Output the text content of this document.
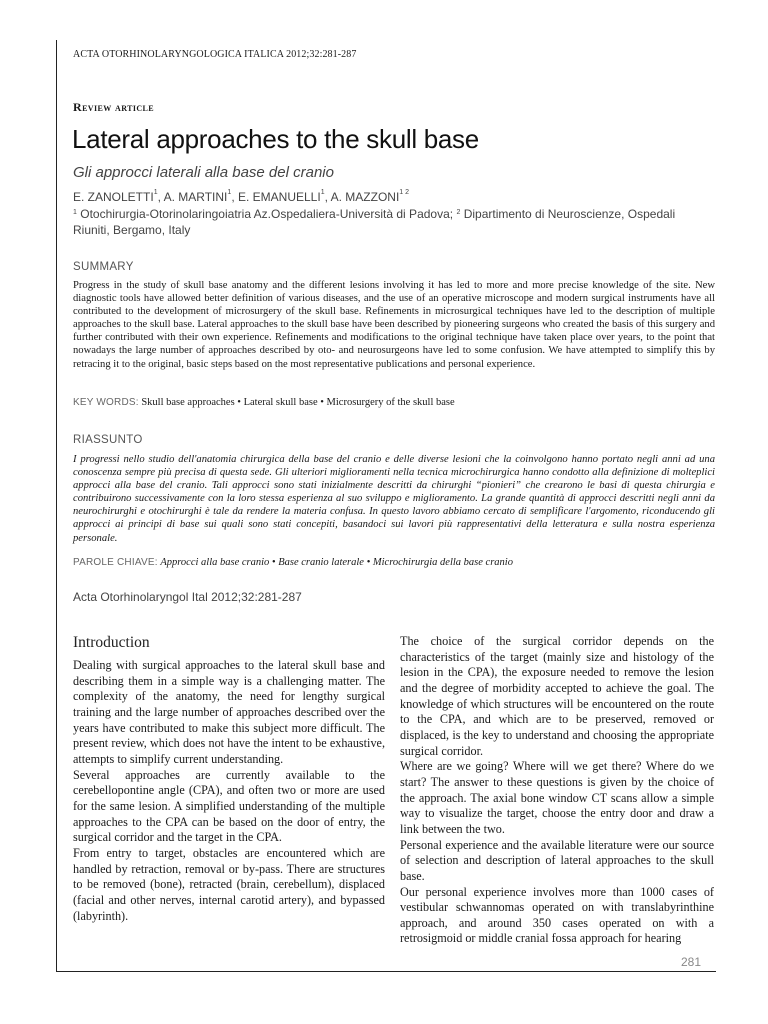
ACTA OTORHINOLARYNGOLOGICA ITALICA 2012;32:281-287
Review article
Lateral approaches to the skull base
Gli approcci laterali alla base del cranio
E. ZANOLETTI$^1$, A. MARTINI$^1$, E. EMANUELLI$^1$, A. $MAZZONI^{1 2}$
$^1$ Otochirurgia-Otorinolaringoiatria Az.Ospedaliera-Università di Padova; $^2$ Dipartimento di Neuroscienze, Ospedali Riuniti, Bergamo, Italy
SUMMARY

Progress in the study of skull base anatomy and the different lesions involving it has led to more and more precise knowledge of the site. New diagnostic tools have allowed better definition of various diseases, and the use of an operative microscope and modern surgical instruments have all contributed to the development of microsurgery of the skull base. Refinements in microsurgical techniques have led to the description of multiple approaches to the skull base. Lateral approaches to the skull base have been described by pioneering surgeons who created the basis of this surgery and further contributed with their own experience. Refinements and modifications to the original technique have taken place over years, to the point that nowadays the large number of approaches described by oto- and neurosurgeons have led to some confusion. We have attempted to simplify this by retracing it to the original, basic steps based on the most representative publications and personal experience.

KEY WORDS: Skull base approaches • Lateral skull base • Microsurgery of the skull base
RIASSUNTO

I progressi nello studio dell'anatomia chirurgica della base del cranio e delle diverse lesioni che la coinvolgono hanno portato negli anni ad una conoscenza sempre più precisa di questa sede. Gli ulteriori miglioramenti nella tecnica microchirurgica hanno condotto alla definizione di molteplici approcci alla base del cranio. Tali approcci sono stati inizialmente descritti da chirurghi “pionieri” che crearono le basi di questa chirurgia e contribuirono successivamente con la loro stessa esperienza al suo sviluppo e miglioramento. La grande quantità di approcci descritti negli anni da neurochirurghi e otochirurghi è tale da rendere la materia confusa. In questo lavoro abbiamo cercato di semplificare l'argomento, riconducendo gli approcci ai principi di base sui quali sono stati concepiti, basandoci sui lavori più rappresentativi della letteratura e sulla nostra esperienza personale.

PAROLE CHIAVE: Approcci alla base cranio • Base cranio laterale • Microchirurgia della base cranio
Acta Otorhinolaryngol Ital 2012;32:281-287
Introduction

Dealing with surgical approaches to the lateral skull base and describing them in a simple way is a challenging matter. The complexity of the anatomy, the need for lengthy surgical training and the large number of approaches described over the years have contributed to make this subject more difficult. The present review, which does not have the intent to be exhaustive, attempts to simplify current understanding.

Several approaches are currently available to the cerebellopontine angle (CPA), and often two or more are used for the same lesion. A simplified understanding of the multiple approaches to the CPA can be based on the door of entry, the surgical corridor and the target in the CPA.

From entry to target, obstacles are encountered which are handled by retraction, removal or by-pass. There are structures to be removed (bone), retracted (brain, cerebellum), displaced (facial and other nerves, internal carotid artery), and bypassed (labyrinth).

The choice of the surgical corridor depends on the characteristics of the target (mainly size and histology of the lesion in the CPA), the exposure needed to remove the lesion and the degree of morbidity accepted to achieve the goal. The knowledge of which structures will be encountered on the route to the CPA, and which are to be preserved, removed or displaced, is the key to understand and choosing the appropriate surgical corridor.

Where are we going? Where will we get there? Where do we start? The answer to these questions is given by the choice of the approach. The axial bone window CT scans allow a simple way to visualize the target, choose the entry door and draw a link between the two.

Personal experience and the available literature were our source of selection and description of lateral approaches to the skull base.

Our personal experience involves more than 1000 cases of vestibular schwannomas operated on with translabyrinthine approach, and around 350 cases operated on with a retrosigmoid or middle cranial fossa approach for hearing

281
